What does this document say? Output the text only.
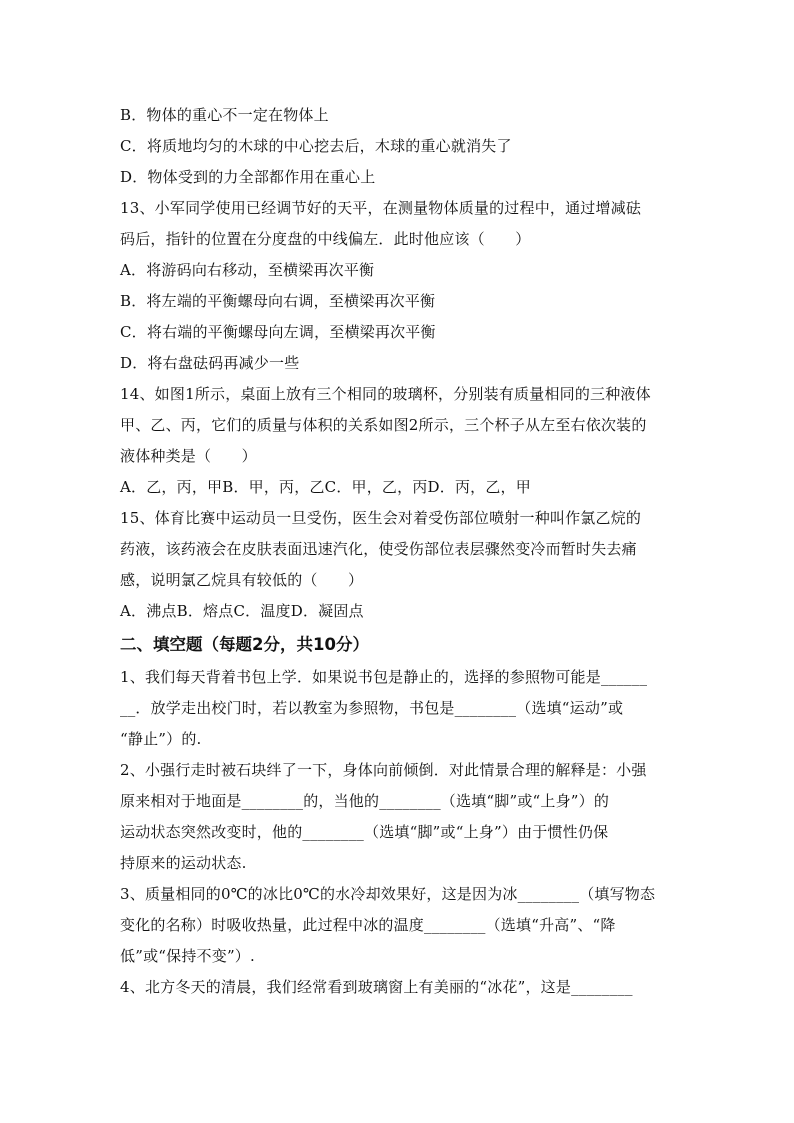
B．物体的重心不一定在物体上
C．将质地均匀的木球的中心挖去后，木球的重心就消失了
D．物体受到的力全部都作用在重心上
13、小军同学使用已经调节好的天平，在测量物体质量的过程中，通过增减砝
码后，指针的位置在分度盘的中线偏左．此时他应该（　　）
A．将游码向右移动，至横梁再次平衡
B．将左端的平衡螺母向右调，至横梁再次平衡
C．将右端的平衡螺母向左调，至横梁再次平衡
D．将右盘砝码再减少一些
14、如图1所示，桌面上放有三个相同的玻璃杯，分别装有质量相同的三种液体
甲、乙、丙，它们的质量与体积的关系如图2所示，三个杯子从左至右依次装的
液体种类是（　　）
A．乙，丙，甲B．甲，丙，乙C．甲，乙，丙D．丙，乙，甲
15、体育比赛中运动员一旦受伤，医生会对着受伤部位喷射一种叫作氯乙烷的
药液，该药液会在皮肤表面迅速汽化，使受伤部位表层骤然变冷而暂时失去痛
感，说明氯乙烷具有较低的（　　）
A．沸点B．熔点C．温度D．凝固点
二、填空题（每题2分，共10分）
1、我们每天背着书包上学．如果说书包是静止的，选择的参照物可能是______
__．放学走出校门时，若以教室为参照物，书包是________（选填“运动”或
“静止”）的.
2、小强行走时被石块绊了一下，身体向前倾倒．对此情景合理的解释是：小强
原来相对于地面是________的，当他的________（选填“脚”或“上身”）的
运动状态突然改变时，他的________（选填“脚”或“上身”）由于惯性仍保
持原来的运动状态.
3、质量相同的0℃的冰比0℃的水冷却效果好，这是因为冰________（填写物态
变化的名称）时吸收热量，此过程中冰的温度________（选填“升高”、“降
低”或“保持不变”）.
4、北方冬天的清晨，我们经常看到玻璃窗上有美丽的“冰花”，这是________
